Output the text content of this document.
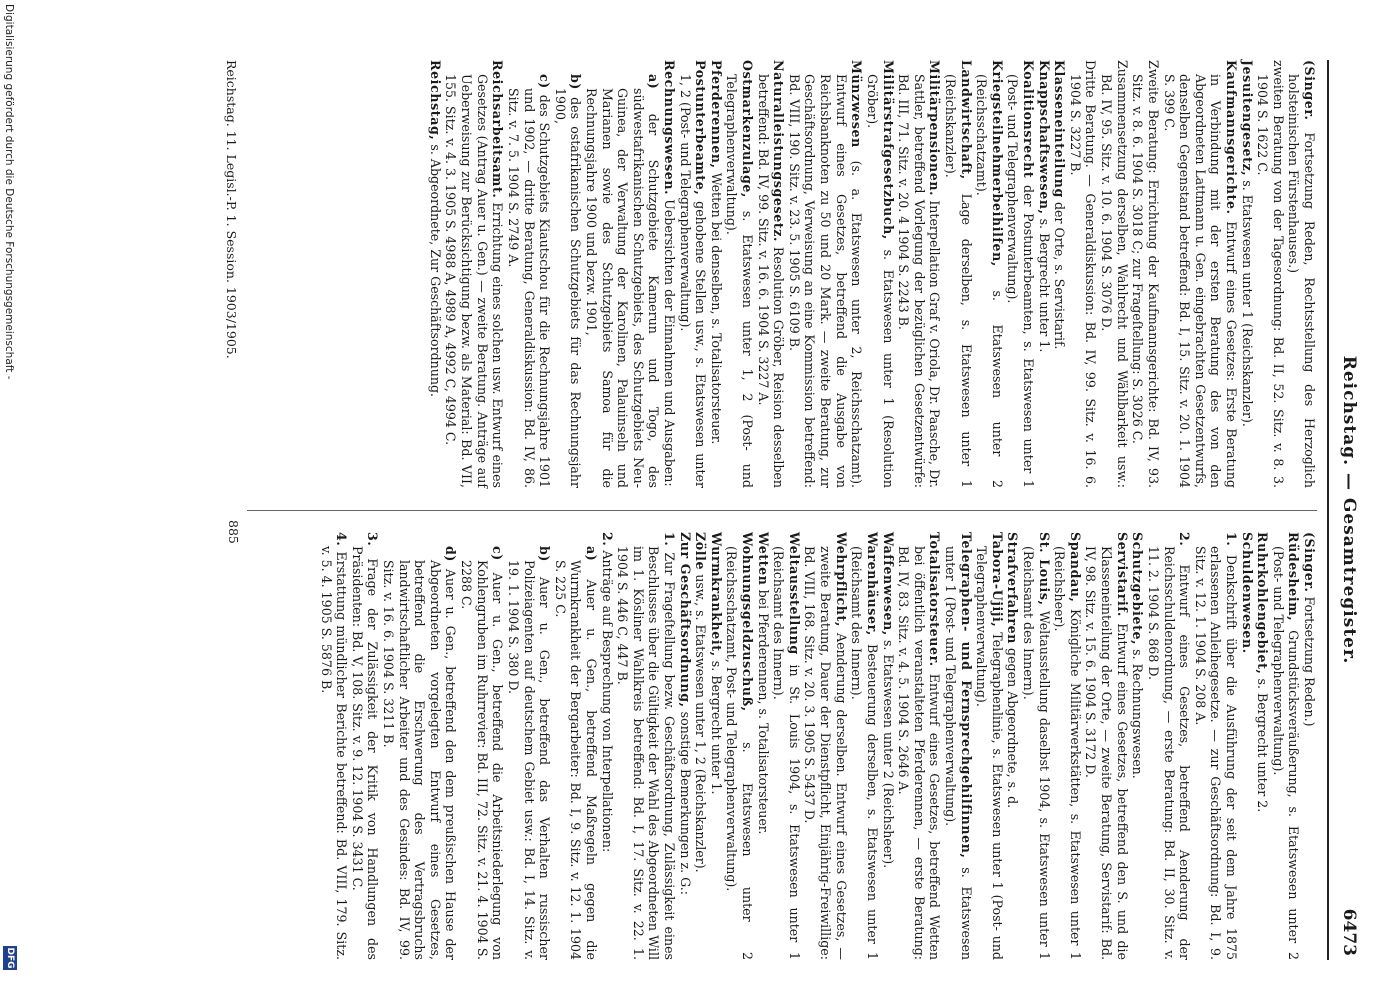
Reichstag. — Gesamtregister.
6473

(Singer. Fortsetzung Reden, Rechtsstellung des Herzoglich holsteinischen Fürstenhauses.)

zweiten Beratung von der Tagesordnung: Bd. II, 52. Sitz. v. 8. 3. 1904 S. 1622 C.

Jesuitengesetz, s. Etatswesen unter 1 (Reichskanzler).

Kaufmannsgerichte. Entwurf eines Gesetzes: Erste Beratung in Verbindung mit der ersten Beratung des von den Abgeordneten Lattmann u. Gen. eingebrachten Gesetzentwurfs, denselben Gegenstand betreffend: Bd. I, 15. Sitz. v. 20. 1. 1904 S. 399 C.

Zweite Beratung: Errichtung der Kaufmannsgerichte: Bd. IV, 93. Sitz. v. 8. 6. 1904 S. 3018 C; zur Frageſtellung: S. 3026 C.

Zusammensetzung derselben, Wahlrecht und Wählbarkeit usw.: Bd. IV, 95. Sitz. v. 10. 6. 1904 S. 3076 D.

Dritte Beratung. — Generaldiskussion: Bd. IV, 99. Sitz. v. 16. 6. 1904 S. 3227 B.

Klasseneinteilung der Orte, s. Servistarif.

Knappschaftswesen, s. Bergrecht unter 1.

Koalitionsrecht der Postunterbeamten, s. Etatswesen unter 1 (Post- und Telegraphenverwaltung).

Kriegsteilnehmerbeihilfen, s. Etatswesen unter 2 (Reichsschatzamt).

Landwirtschaft, Lage derselben, s. Etatswesen unter 1 (Reichskanzler).

Militärpensionen. Interpellation Graf v. Oriola, Dr. Paasche, Dr. Sattler, betreffend Vorlegung der bezüglichen Gesetzentwürfe: Bd. III, 71. Sitz. v. 20. 4 1904 S. 2243 B.

Militärstrafgesetzbuch, s. Etatswesen unter 1 (Resolution Gröber).

Münzwesen (s. a. Etatswesen unter 2, Reichsschatzamt). Entwurf eines Gesetzes, betreffend die Ausgabe von Reichsbanknoten zu 50 und 20 Mark. — zweite Beratung, zur Geschäftsordnung, Verweisung an eine Kommission betreffend: Bd. VIII, 190. Sitz. v. 23. 5. 1905 S. 6109 B.

Naturalleistungsgesetz. Resolution Gröber, Reision desselben betreffend: Bd. IV, 99. Sitz. v. 16. 6. 1904 S. 3227 A.

Ostmarkenzulage, s. Etatswesen unter 1, 2 (Post- und Telegraphenverwaltung).

Pferderennen, Wetten bei denselben, s. Totalisatorsteuer.

Postunterbeamte, gehobene Stellen usw., s. Etatswesen unter 1, 2 (Post- und Telegraphenverwaltung).

Rechnungswesen. Uebersichten der Einnahmen und Ausgaben:

a) der Schutzgebiete Kamerun und Togo, des südwestafrikanischen Schutzgebiets, des Schutzgebiets Neu-Guinea, der Verwaltung der Karolinen, Palauinseln und Marianen sowie des Schutzgebiets Samoa für die Rechnungsjahre 1900 und bezw. 1901,

b) des ostafrikanischen Schutzgebiets für das Rechnungsjahr 1900,

c) des Schutzgebiets Kiautschou für die Rechnungsjahre 1901 und 1902, — dritte Beratung, Generaldiskussion: Bd. IV, 86. Sitz. v. 7. 5. 1904 S. 2749 A.

Reichsarbeitsamt. Errichtung eines solchen usw. Entwurf eines Gesetzes (Antrag Auer u. Gen.) — zweite Beratung. Anträge auf Ueberweisung zur Berücksichtigung bezw. als Material: Bd. VII, 155. Sitz. v. 4. 3. 1905 S. 4988 A, 4989 A, 4992 C, 4994 C.

Reichstag, s. Abgeordnete, Zur Geschäftsordnung.

(Singer. Fortsetzung Reden.)

Rüdesheim, Grundstücksveräußerung, s. Etatswesen unter 2 (Post- und Telegraphenverwaltung).

Ruhrkohlengebiet, s. Bergrecht unter 2.

Schuldenwesen.

1. Denkschrift über die Ausführung der seit dem Jahre 1875 erlassenen Anleihegesetze. — zur Geschäftsordnung: Bd. I, 9. Sitz. v. 12. 1. 1904 S. 208 A.

2. Entwurf eines Gesetzes, betreffend Aenderung der Reichsschuldenordnung, — erste Beratung: Bd. II, 30. Sitz. v. 11. 2. 1904 S. 868 D.

Schutzgebiete, s. Rechnungswesen.

Servistarif. Entwurf eines Gesetzes, betreffend den S. und die Klasseneinteilung der Orte, — zweite Beratung, Servistarif: Bd. IV, 98. Sitz. v. 15. 6. 1904 S. 3172 D.

Spandau, Königliche Militärwerkstätten, s. Etatswesen unter 1 (Reichsheer).

St. Louis, Weltausstellung daselbst 1904, s. Etatswesen unter 1 (Reichsamt des Innern).

Strafverfahren gegen Abgeordnete, s. d.

Tabora-Ujiji, Telegraphenlinie, s. Etatswesen unter 1 (Post- und Telegraphenverwaltung).

Telegraphen- und Fernsprechgehilfinnen, s. Etatswesen unter 1 (Post- und Telegraphenverwaltung).

Totalisatorsteuer. Entwurf eines Gesetzes, betreffend Wetten bei öffentlich veranstalteten Pferderennen, — erste Beratung: Bd. IV, 83. Sitz. v. 4. 5. 1904 S. 2646 A.

Waffenwesen, s. Etatswesen unter 2 (Reichsheer).

Warenhäuser, Besteuerung derselben, s. Etatswesen unter 1 (Reichsamt des Innern).

Wehrpflicht, Aenderung derselben. Entwurf eines Gesetzes, — zweite Beratung, Dauer der Dienstpflicht, Einjährig-Freiwillige: Bd. VIII, 168. Sitz. v. 20. 3. 1905 S. 5437 D.

Weltausstellung in St. Louis 1904, s. Etatswesen unter 1 (Reichsamt des Innern).

Wetten bei Pferderennen, s. Totalisatorsteuer.

Wohnungsgeldzuschuß, s. Etatswesen unter 2 (Reichsschatzamt, Post- und Telegraphenverwaltung).

Wurmkrankheit, s. Bergrecht unter 1.

Zölle usw., s. Etatswesen unter 1, 2 (Reichskanzler).

Zur Geschäftsordnung, sonstige Bemerkungen z. G.:

1. Zur Frageſtellung bezw. Geschäftsordnung, Zulässigkeit eines Beschlusses über die Gültigkeit der Wahl des Abgeordneten Will im 1. Kösliner Wahlkreis betreffend: Bd. I, 17. Sitz. v. 22. 1. 1904 S. 446 C, 447 B.

2. Anträge auf Besprechung von Interpellationen:

a) Auer u. Gen., betreffend Maßregeln gegen die Wurmkrankheit der Bergarbeiter: Bd. I, 9. Sitz. v. 12. 1. 1904 S. 225 C.

b) Auer u. Gen., betreffend das Verhalten russischer Polizeiagenten auf deutschem Gebiet usw.: Bd. I, 14. Sitz. v. 19. 1. 1904 S. 380 D.

c) Auer u. Gen., betreffend die Arbeitsniederlegung von Kohlengruben im Ruhrrevier: Bd. III, 72. Sitz. v. 21. 4. 1904 S. 2288 C.

d) Auer u. Gen., betreffend den dem preußischen Hause der Abgeordneten vorgelegten Entwurf eines Gesetzes, betreffend die Erschwerung des Vertragsbruchs landwirtschaftlicher Arbeiter und des Gesindes: Bd. IV, 99. Sitz. v. 16. 6. 1904 S. 3211 B.

3. Frage der Zulässigkeit der Kritik von Handlungen des Präsidenten: Bd. V, 108. Sitz. v. 9. 12. 1904 S. 3431 C.

4. Erstattung mündlicher Berichte betreffend: Bd. VIII, 179. Sitz. v. 5. 4. 1905 S. 5876 B.

Reichstag. 11. Legisl.-P. 1. Session. 1903/1905.
885
Digitalisierung gefördert durch die Deutsche Forschungsgemeinschaft -
DFG
